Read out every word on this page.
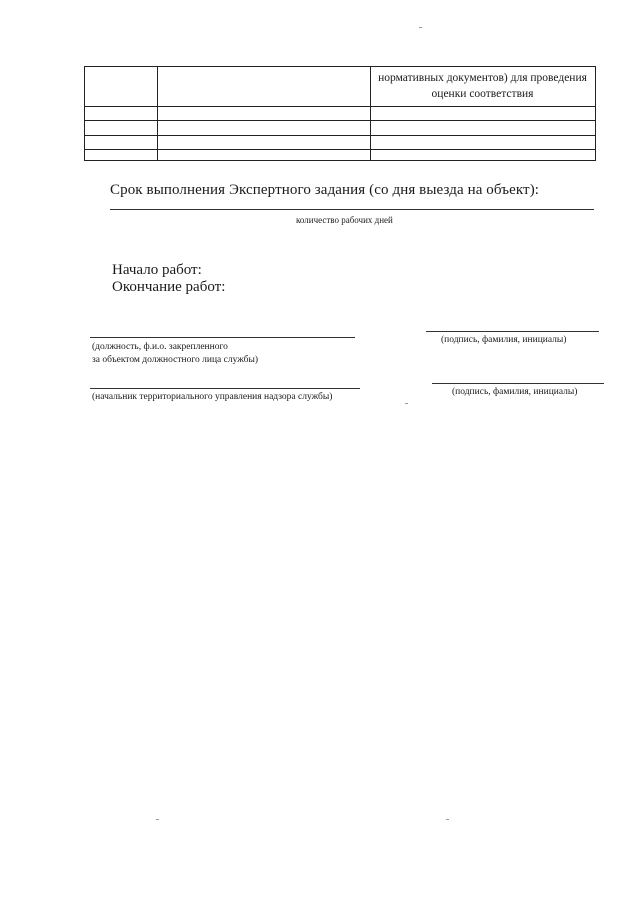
нормативных документов) для проведения оценки соответствия
Срок выполнения Экспертного задания (со дня выезда на объект):
количество рабочих дней
Начало работ:
Окончание работ:
(должность, ф.и.о. закрепленного
за объектом должностного лица службы)
(подпись, фамилия, инициалы)
(начальник территориального управления надзора службы)	(подпись, фамилия, инициалы)
